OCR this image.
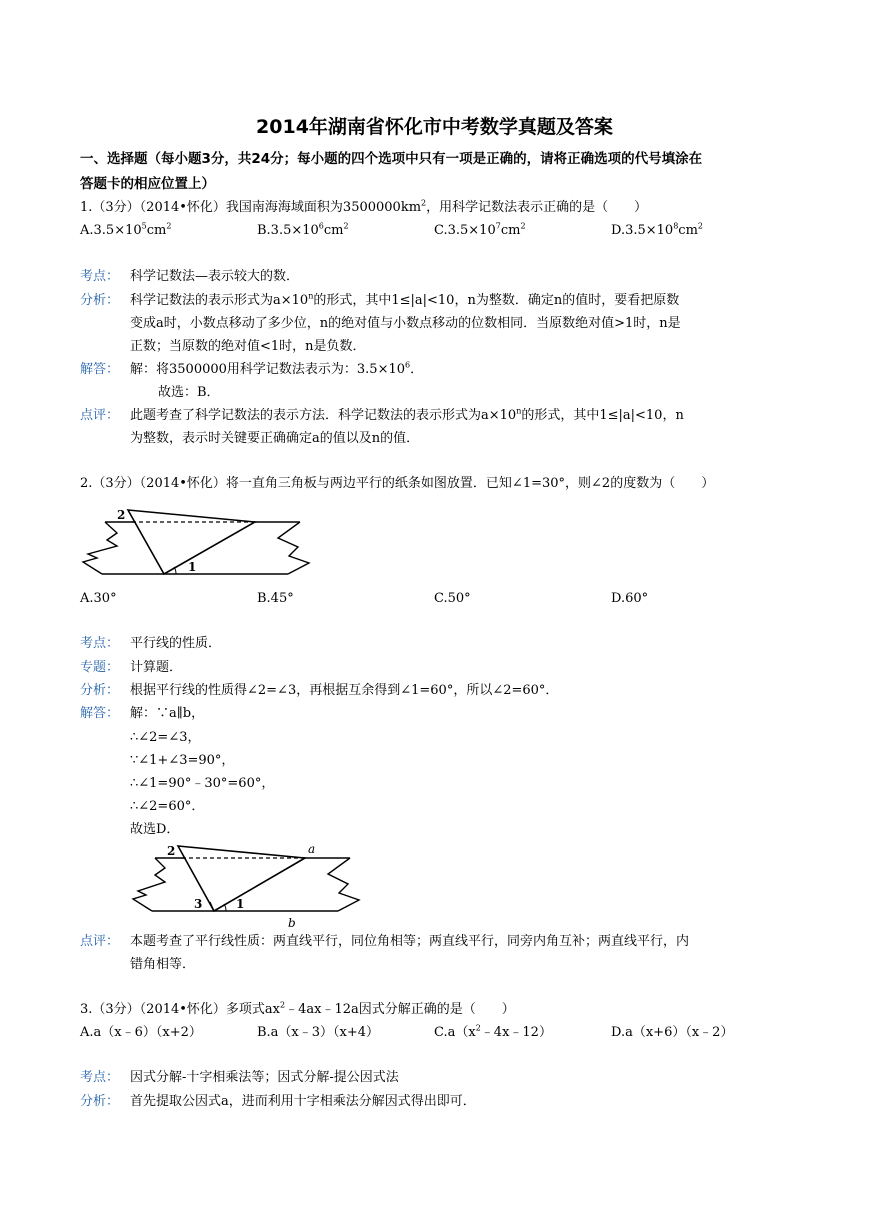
2014年湖南省怀化市中考数学真题及答案
一、选择题（每小题3分，共24分；每小题的四个选项中只有一项是正确的，请将正确选项的代号填涂在
答题卡的相应位置上）
1.（3分）（2014•怀化）我国南海海域面积为$3500000km^2$，用科学记数法表示正确的是（　　）
$A.3.5\times 10^5cm^2$	$B.3.5\times 10^6cm^2$	$C.3.5\times 10^7cm^2$	$D.3.5\times 10^8cm^2$
考点： 科学记数法—表示较大的数．
分析： 科学记数法的表示形式为$a\times 10^n$的形式，其中1≤|a|<10，n为整数．确定n的值时，要看把原数
变成a时，小数点移动了多少位，n的绝对值与小数点移动的位数相同．当原数绝对值>1时，n是
正数；当原数的绝对值<1时，n是负数．
解答： 解：将3500000用科学记数法表示为：$3.5\times 10^6$．
故选：B．
点评： 此题考查了科学记数法的表示方法．科学记数法的表示形式为$a\times 10^n$的形式，其中1≤|a|<10，n
为整数，表示时关键要正确确定a的值以及n的值．
2.（3分）（2014•怀化）将一直角三角板与两边平行的纸条如图放置．已知∠1=30°，则∠2的度数为（　　）
2
1
A.30°	B.45°	C.50°	D.60°
考点： 平行线的性质．
专题： 计算题．
分析： 根据平行线的性质得∠2=∠3，再根据互余得到∠1=60°，所以∠2=60°．
解答： 解：∵a∥b，
∴∠2=∠3，
∵∠1+∠3=90°，
∴∠1=90°﹣30°=60°，
∴∠2=60°．
故选D．
2
3	1
a
b
点评： 本题考查了平行线性质：两直线平行，同位角相等；两直线平行，同旁内角互补；两直线平行，内
错角相等．
3.（3分）（2014•怀化）多项式$ax^2﹣4ax﹣12a$因式分解正确的是（　　）
A.a（x﹣6）（x+2）	B.a（x﹣3）（x+4）	$C.a(x^2﹣4x﹣12)$	D.a（x+6）（x﹣2）
考点： 因式分解-十字相乘法等；因式分解-提公因式法
分析： 首先提取公因式a，进而利用十字相乘法分解因式得出即可．
